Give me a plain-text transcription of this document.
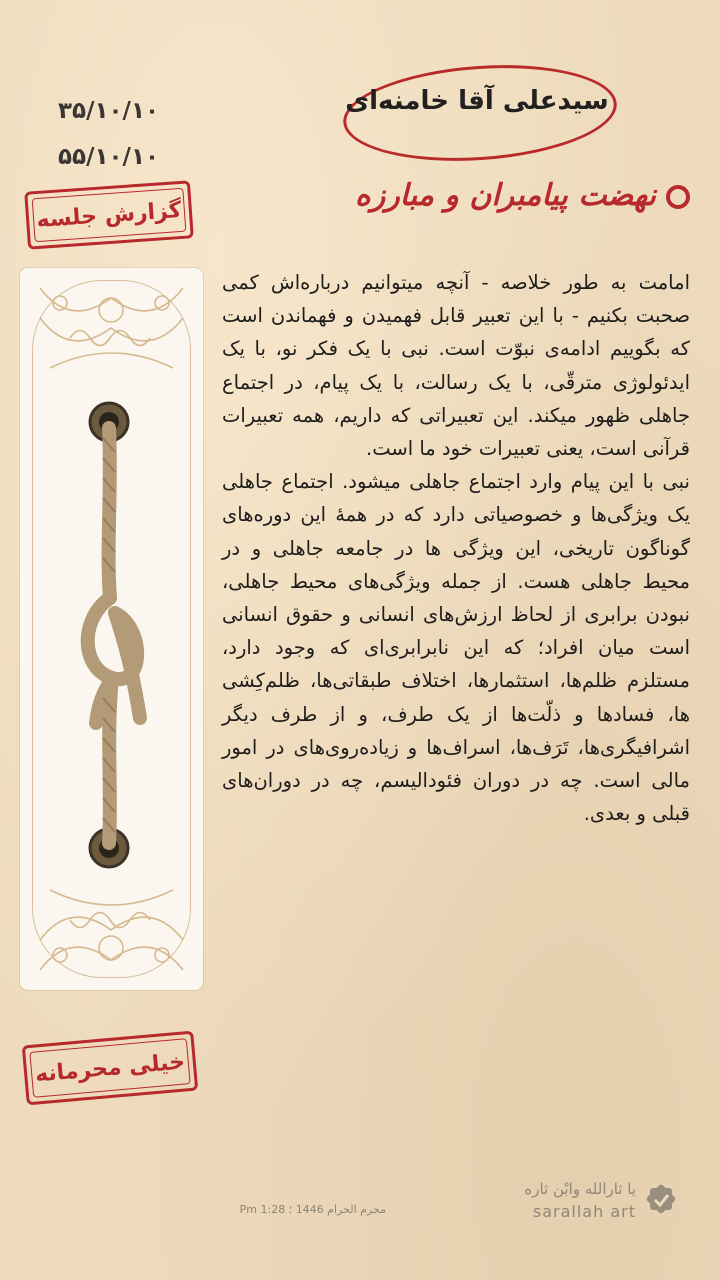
۳۵/۱۰/۱۰
۵۵/۱۰/۱۰
سیدعلی آقا خامنه‌ای
نهضت پیامبران و مبارزه
گزارش جلسه

امامت به طور خلاصه - آنچه میتوانیم درباره‌اش کمی صحبت بکنیم - با این تعبیر قابل فهمیدن و فهماندن است که بگوییم ادامه‌ی نبوّت است. نبی با یک فکر نو، با یک ایدئولوژی مترقّی، با یک رسالت، با یک پیام، در اجتماع جاهلی ظهور میکند. این تعبیراتی که داریم، همه تعبیرات قرآنی است، یعنی تعبیرات خود ما است.

نبی با این پیام وارد اجتماع جاهلی میشود. اجتماع جاهلی یک ویژگی‌ها و خصوصیاتی دارد که در همهٔ این دوره‌های گوناگون تاریخی، این ویژگی ها در جامعه جاهلی و در محیط جاهلی هست. از جمله ویژگی‌های محیط جاهلی، نبودن برابری از لحاظ ارزش‌های انسانی و حقوق انسانی است میان افراد؛ که این نابرابری‌ای که وجود دارد، مستلزم ظلم‌ها، استثمارها، اختلاف طبقاتی‌ها، ظلم‌کِشی ها، فسادها و ذلّت‌ها از یک طرف، و از طرف دیگر اشرافیگری‌ها، تَرَف‌ها، اسراف‌ها و زیاده‌روی‌های در امور مالی است. چه در دوران فئودالیسم، چه در دوران‌های قبلی و بعدی.

خیلی محرمانه
محرم الحرام 1446 ؛ 1:28 Pm
یا ثارالله وابْن ثاره
sarallah art
